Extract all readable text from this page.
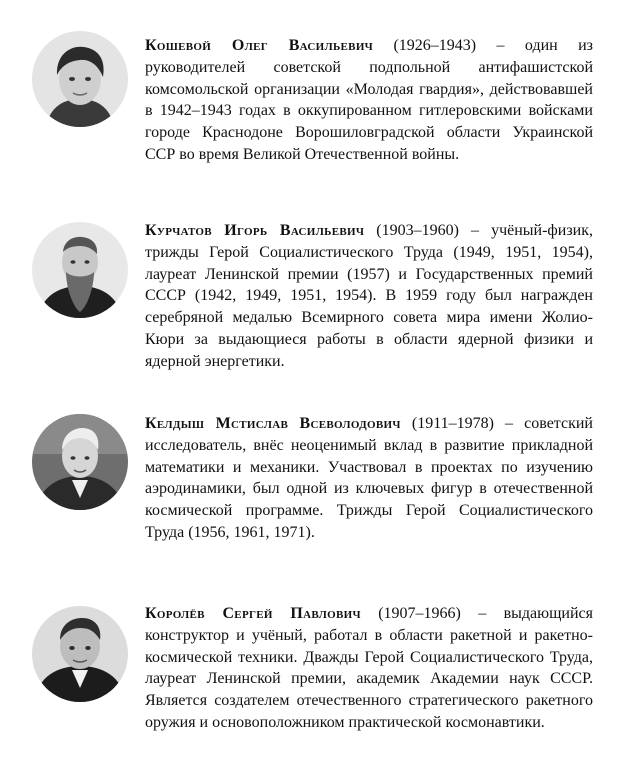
Кошевой Олег Васильевич (1926–1943) – один из руководителей советской подпольной антифашистской комсомольской организации «Молодая гвардия», действовавшей в 1942–1943 годах в оккупированном гитлеровскими войсками городе Краснодоне Ворошиловградской области Украинской ССР во время Великой Отечественной войны.

Курчатов Игорь Васильевич (1903–1960) – учёный-физик, трижды Герой Социалистического Труда (1949, 1951, 1954), лауреат Ленинской премии (1957) и Государственных премий СССР (1942, 1949, 1951, 1954). В 1959 году был награжден серебряной медалью Всемирного совета мира имени Жолио-Кюри за выдающиеся работы в области ядерной физики и ядерной энергетики.

Келдыш Мстислав Всеволодович (1911–1978) – советский исследователь, внёс неоценимый вклад в развитие прикладной математики и механики. Участвовал в проектах по изучению аэродинамики, был одной из ключевых фигур в отечественной космической программе. Трижды Герой Социалистического Труда (1956, 1961, 1971).

Королёв Сергей Павлович (1907–1966) – выдающийся конструктор и учёный, работал в области ракетной и ракетно-космической техники. Дважды Герой Социалистического Труда, лауреат Ленинской премии, академик Академии наук СССР. Является создателем отечественного стратегического ракетного оружия и основоположником практической космонавтики.
